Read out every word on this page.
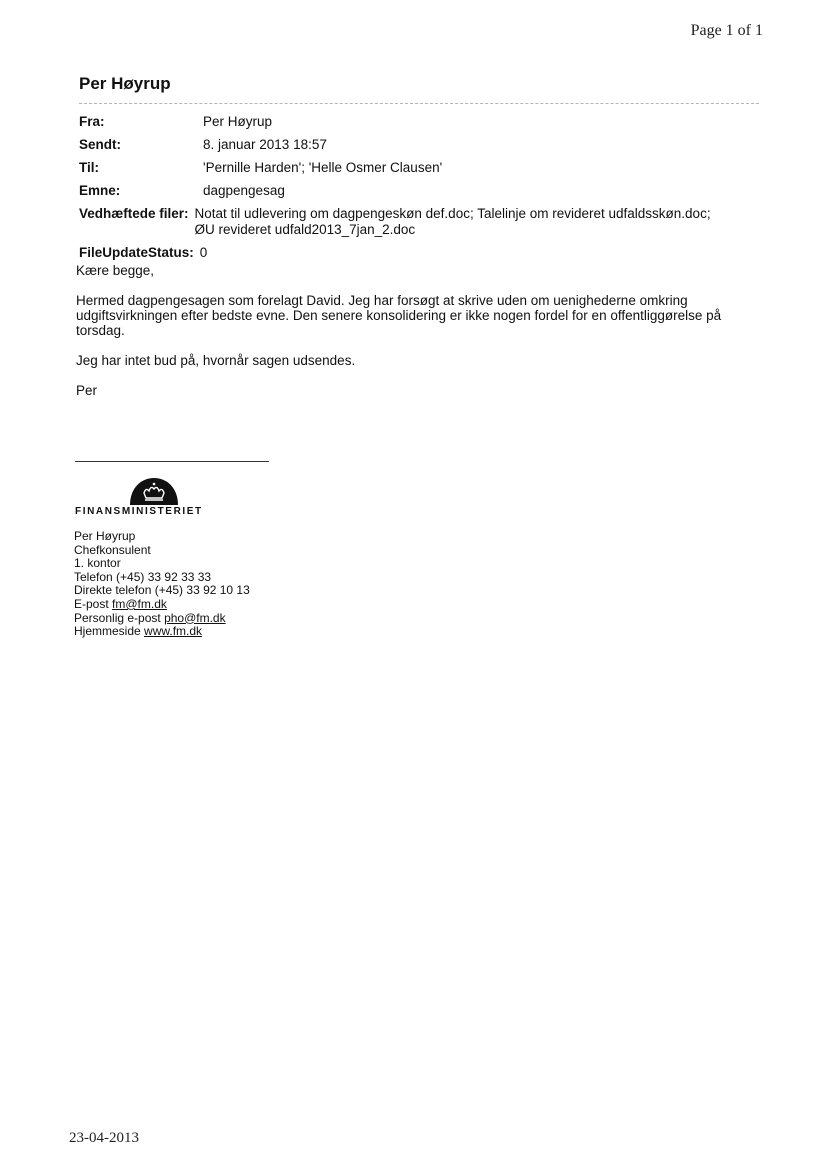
Page 1 of 1
Per Høyrup
Fra:	Per Høyrup
Sendt:	8. januar 2013 18:57
Til:	'Pernille Harden'; 'Helle Osmer Clausen'
Emne:	dagpengesag
Vedhæftede filer: Notat til udlevering om dagpengeskøn def.doc; Talelinje om revideret udfaldsskøn.doc;
ØU revideret udfald2013_7jan_2.doc
FileUpdateStatus: 0

Kære begge,

Hermed dagpengesagen som forelagt David. Jeg har forsøgt at skrive uden om uenighederne omkring udgiftsvirkningen efter bedste evne. Den senere konsolidering er ikke nogen fordel for en offentliggørelse på torsdag.

Jeg har intet bud på, hvornår sagen udsendes.

Per

FINANSMINISTERIET
Per Høyrup
Chefkonsulent
1. kontor
Telefon (+45) 33 92 33 33
Direkte telefon (+45) 33 92 10 13
E-post fm@fm.dk
Personlig e-post pho@fm.dk
Hjemmeside www.fm.dk
23-04-2013
